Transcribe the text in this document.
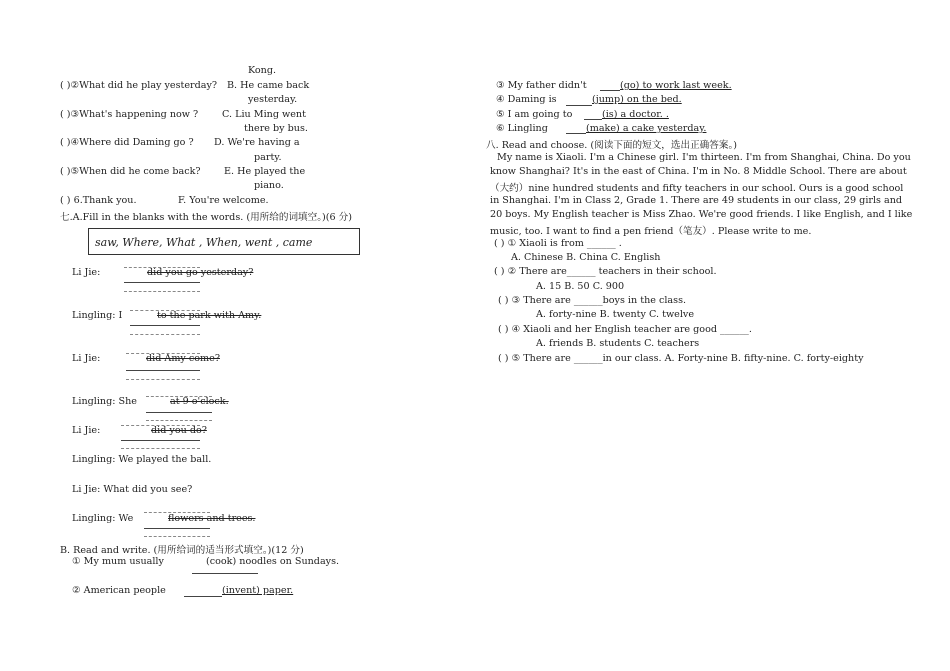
Kong.
( )②What did he play yesterday? B. He came back
yesterday.
( )③What's happening now ? C. Liu Ming went
there by bus.
( )④Where did Daming go ? D. We're having a
party.
( )⑤When did he come back? E. He played the
piano.
( ) 6.Thank you.	F. You're welcome.
七.A.Fill in the blanks with the words. (用所给的词填空。)(6 分)
saw, Where, What , When, went , came
Li Jie:	did you go yesterday?
Lingling: I	to the park with Amy.
Li Jie:	did Amy come?
Lingling: She	at 9 o'clock.
Li Jie:	did you do?
Lingling: We played the ball.
Li Jie: What did you see?
Lingling: We	flowers and trees.
B. Read and write. (用所给词的适当形式填空。)(12 分)
① My mum usually	(cook) noodles on Sundays.
② American people	(invent) paper.
③ My father didn't	(go) to work last week.
④ Daming is	(jump) on the bed.
⑤ I am going to	(is) a doctor. .
⑥ Lingling	(make) a cake yesterday.
八. Read and choose. (阅读下面的短文，选出正确答案。)
My name is Xiaoli. I'm a Chinese girl. I'm thirteen. I'm from Shanghai, China. Do you
know Shanghai? It's in the east of China. I'm in No. 8 Middle School. There are about
（大约）nine hundred students and fifty teachers in our school. Ours is a good school
in Shanghai. I'm in Class 2, Grade 1. There are 49 students in our class, 29 girls and
20 boys. My English teacher is Miss Zhao. We're good friends. I like English, and I like
music, too. I want to find a pen friend（笔友）. Please write to me.
( ) ① Xiaoli is from ______ .
A. Chinese B. China C. English
( ) ② There are______ teachers in their school.
A. 15 B. 50 C. 900
( ) ③ There are ______boys in the class.
A. forty-nine B. twenty C. twelve
( ) ④ Xiaoli and her English teacher are good ______.
A. friends B. students C. teachers
( ) ⑤ There are ______in our class. A. Forty-nine B. fifty-nine. C. forty-eighty
